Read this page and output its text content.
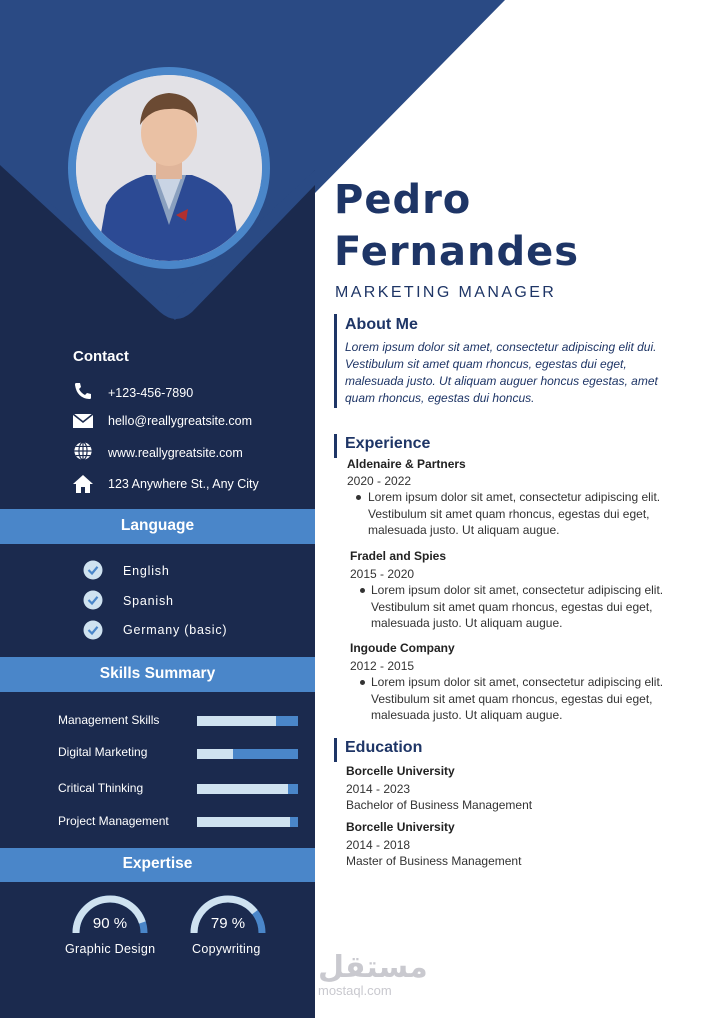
Pedro
Fernandes
MARKETING MANAGER
About Me
Lorem ipsum dolor sit amet, consectetur adipiscing elit dui. Vestibulum sit amet quam rhoncus, egestas dui eget, malesuada justo. Ut aliquam auguer honcus egestas, amet quam rhoncus, egestas dui honcus.
Experience
Aldenaire & Partners
2020 - 2022
Lorem ipsum dolor sit amet, consectetur adipiscing elit. Vestibulum sit amet quam rhoncus, egestas dui eget, malesuada justo. Ut aliquam augue.
Fradel and Spies
2015 - 2020
Lorem ipsum dolor sit amet, consectetur adipiscing elit. Vestibulum sit amet quam rhoncus, egestas dui eget, malesuada justo. Ut aliquam augue.
Ingoude Company
2012 - 2015
Lorem ipsum dolor sit amet, consectetur adipiscing elit. Vestibulum sit amet quam rhoncus, egestas dui eget, malesuada justo. Ut aliquam augue.
Education
Borcelle University
2014 - 2023
Bachelor of Business Management
Borcelle University
2014 - 2018
Master of Business Management
Contact
+123-456-7890
hello@reallygreatsite.com
www.reallygreatsite.com
123 Anywhere St., Any City
Language
English
Spanish
Germany (basic)
Skills Summary
Management Skills
Digital Marketing
Critical Thinking
Project Management
Expertise
90 %
Graphic Design
79 %
Copywriting
مستقل
mostaql.com
